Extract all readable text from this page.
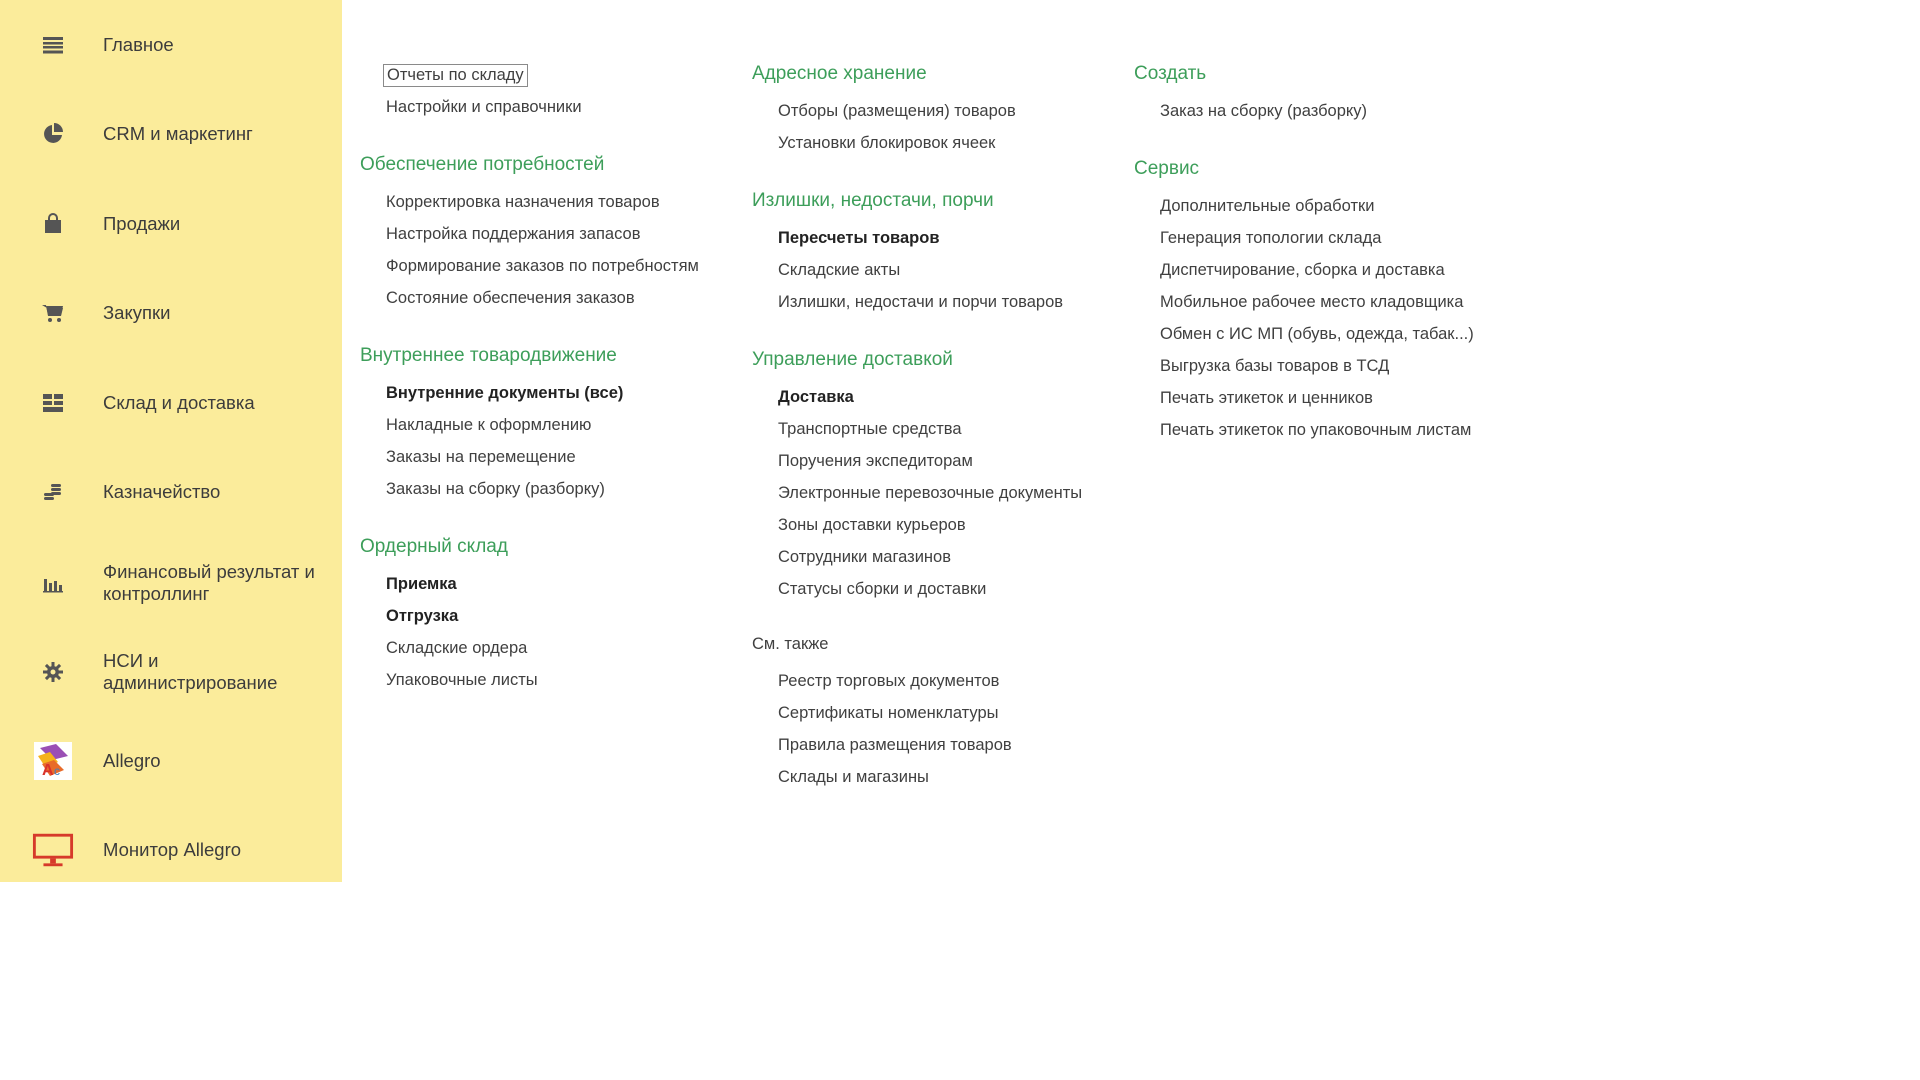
Главное
CRM и маркетинг
Продажи
Закупки
Склад и доставка
Казначейство
Финансовый результат и контроллинг
НСИ и администрирование
A c Allegro
Монитор Allegro
Отчеты по складу
Настройки и справочники
Обеспечение потребностей
Корректировка назначения товаров
Настройка поддержания запасов
Формирование заказов по потребностям
Состояние обеспечения заказов
Внутреннее товародвижение
Внутренние документы (все)
Накладные к оформлению
Заказы на перемещение
Заказы на сборку (разборку)
Ордерный склад
Приемка
Отгрузка
Складские ордера
Упаковочные листы
Адресное хранение
Отборы (размещения) товаров
Установки блокировок ячеек
Излишки, недостачи, порчи
Пересчеты товаров
Складские акты
Излишки, недостачи и порчи товаров
Управление доставкой
Доставка
Транспортные средства
Поручения экспедиторам
Электронные перевозочные документы
Зоны доставки курьеров
Сотрудники магазинов
Статусы сборки и доставки
См. также
Реестр торговых документов
Сертификаты номенклатуры
Правила размещения товаров
Склады и магазины
Создать
Заказ на сборку (разборку)
Сервис
Дополнительные обработки
Генерация топологии склада
Диспетчирование, сборка и доставка
Мобильное рабочее место кладовщика
Обмен с ИС МП (обувь, одежда, табак...)
Выгрузка базы товаров в ТСД
Печать этикеток и ценников
Печать этикеток по упаковочным листам
